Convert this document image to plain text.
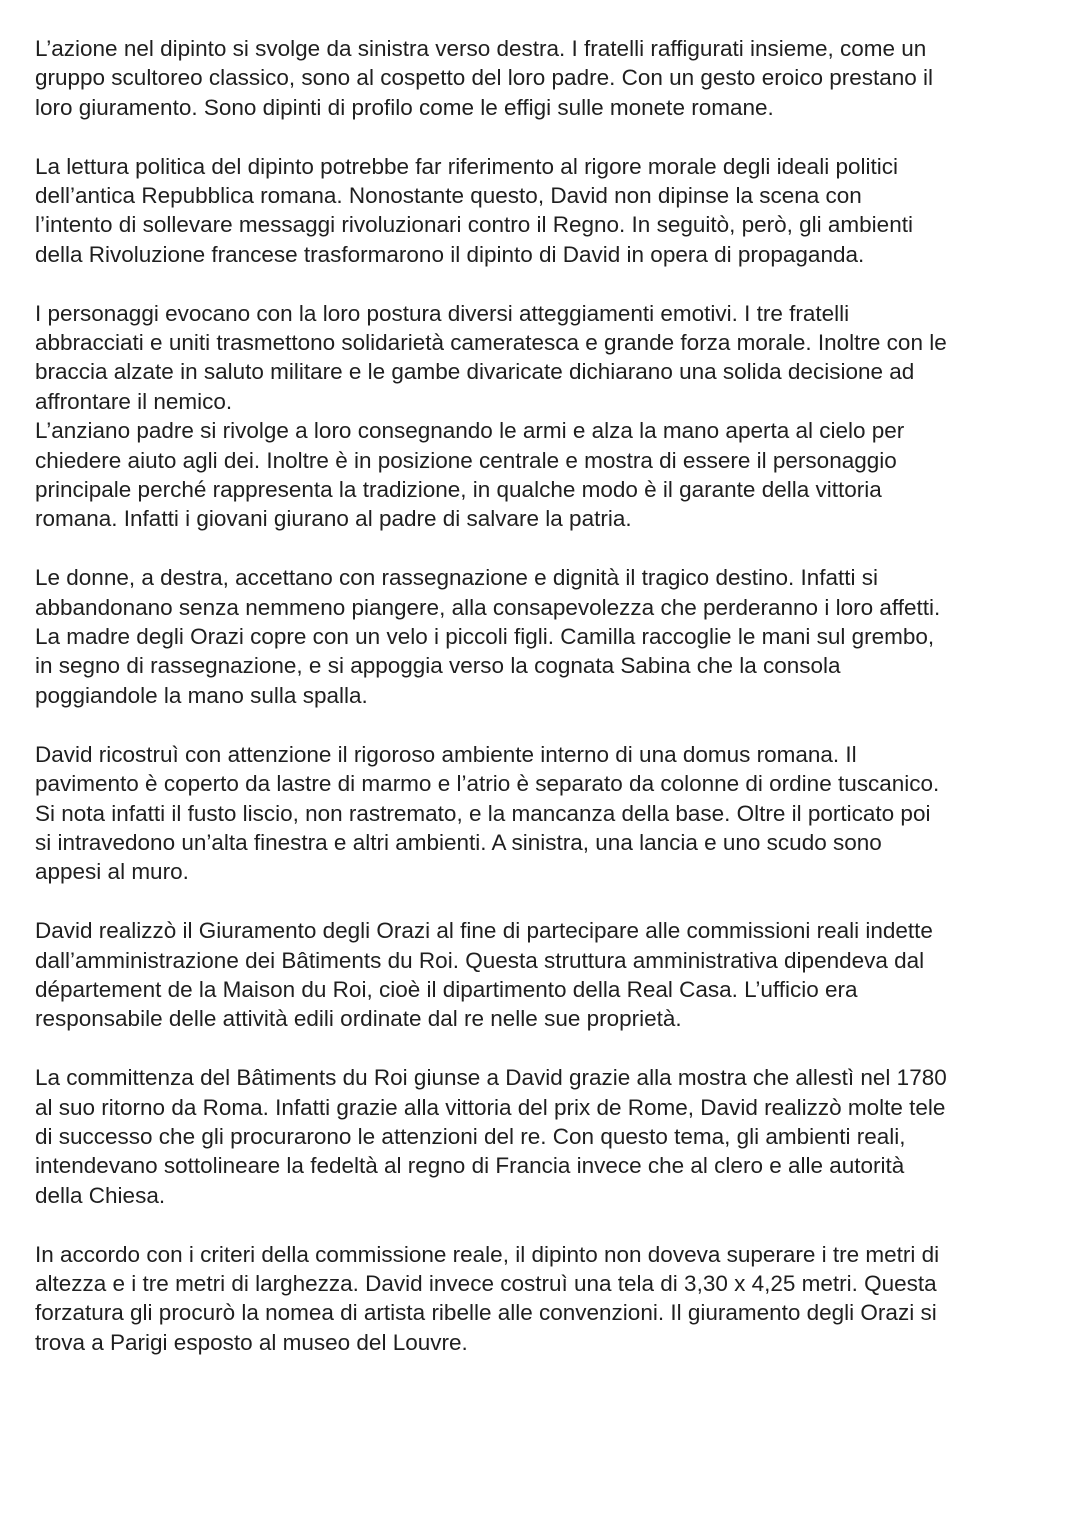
L’azione nel dipinto si svolge da sinistra verso destra. I fratelli raffigurati insieme, come un
gruppo scultoreo classico, sono al cospetto del loro padre. Con un gesto eroico prestano il
loro giuramento. Sono dipinti di profilo come le effigi sulle monete romane.
La lettura politica del dipinto potrebbe far riferimento al rigore morale degli ideali politici
dell’antica Repubblica romana. Nonostante questo, David non dipinse la scena con
l’intento di sollevare messaggi rivoluzionari contro il Regno. In seguitò, però, gli ambienti
della Rivoluzione francese trasformarono il dipinto di David in opera di propaganda.
I personaggi evocano con la loro postura diversi atteggiamenti emotivi. I tre fratelli
abbracciati e uniti trasmettono solidarietà cameratesca e grande forza morale. Inoltre con le
braccia alzate in saluto militare e le gambe divaricate dichiarano una solida decisione ad
affrontare il nemico.
L’anziano padre si rivolge a loro consegnando le armi e alza la mano aperta al cielo per
chiedere aiuto agli dei. Inoltre è in posizione centrale e mostra di essere il personaggio
principale perché rappresenta la tradizione, in qualche modo è il garante della vittoria
romana. Infatti i giovani giurano al padre di salvare la patria.
Le donne, a destra, accettano con rassegnazione e dignità il tragico destino. Infatti si
abbandonano senza nemmeno piangere, alla consapevolezza che perderanno i loro affetti.
La madre degli Orazi copre con un velo i piccoli figli. Camilla raccoglie le mani sul grembo,
in segno di rassegnazione, e si appoggia verso la cognata Sabina che la consola
poggiandole la mano sulla spalla.
David ricostruì con attenzione il rigoroso ambiente interno di una domus romana. Il
pavimento è coperto da lastre di marmo e l’atrio è separato da colonne di ordine tuscanico.
Si nota infatti il fusto liscio, non rastremato, e la mancanza della base. Oltre il porticato poi
si intravedono un’alta finestra e altri ambienti. A sinistra, una lancia e uno scudo sono
appesi al muro.
David realizzò il Giuramento degli Orazi al fine di partecipare alle commissioni reali indette
dall’amministrazione dei Bâtiments du Roi. Questa struttura amministrativa dipendeva dal
département de la Maison du Roi, cioè il dipartimento della Real Casa. L’ufficio era
responsabile delle attività edili ordinate dal re nelle sue proprietà.
La committenza del Bâtiments du Roi giunse a David grazie alla mostra che allestì nel 1780
al suo ritorno da Roma. Infatti grazie alla vittoria del prix de Rome, David realizzò molte tele
di successo che gli procurarono le attenzioni del re. Con questo tema, gli ambienti reali,
intendevano sottolineare la fedeltà al regno di Francia invece che al clero e alle autorità
della Chiesa.
In accordo con i criteri della commissione reale, il dipinto non doveva superare i tre metri di
altezza e i tre metri di larghezza. David invece costruì una tela di 3,30 x 4,25 metri. Questa
forzatura gli procurò la nomea di artista ribelle alle convenzioni. Il giuramento degli Orazi si
trova a Parigi esposto al museo del Louvre.
